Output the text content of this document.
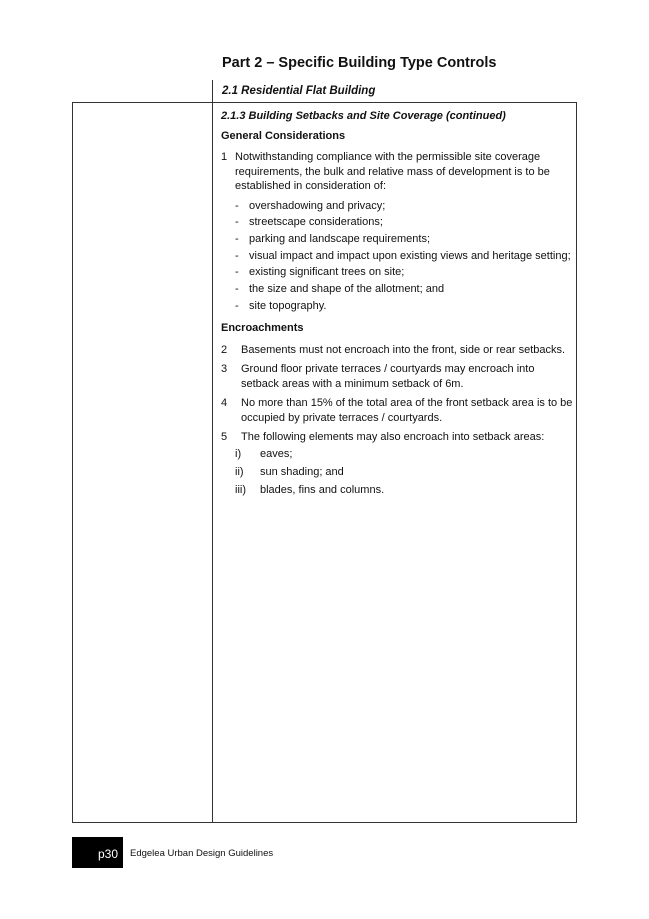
Part 2 – Specific Building Type Controls
2.1 Residential Flat Building

2.1.3 Building Setbacks and Site Coverage (continued)

General Considerations

1 Notwithstanding compliance with the permissible site coverage requirements, the bulk and relative mass of development is to be established in consideration of:
- overshadowing and privacy;
- streetscape considerations;
- parking and landscape requirements;
- visual impact and impact upon existing views and heritage setting;
- existing significant trees on site;
- the size and shape of the allotment; and
- site topography.

Encroachments

2	Basements must not encroach into the front, side or rear setbacks.
3	Ground floor private terraces / courtyards may encroach into setback areas with a minimum setback of 6m.
4	No more than 15% of the total area of the front setback area is to be occupied by private terraces / courtyards.
5	The following elements may also encroach into setback areas:
i)	eaves;
ii)	sun shading; and
iii)	blades, fins and columns.
p30	Edgelea Urban Design Guidelines
